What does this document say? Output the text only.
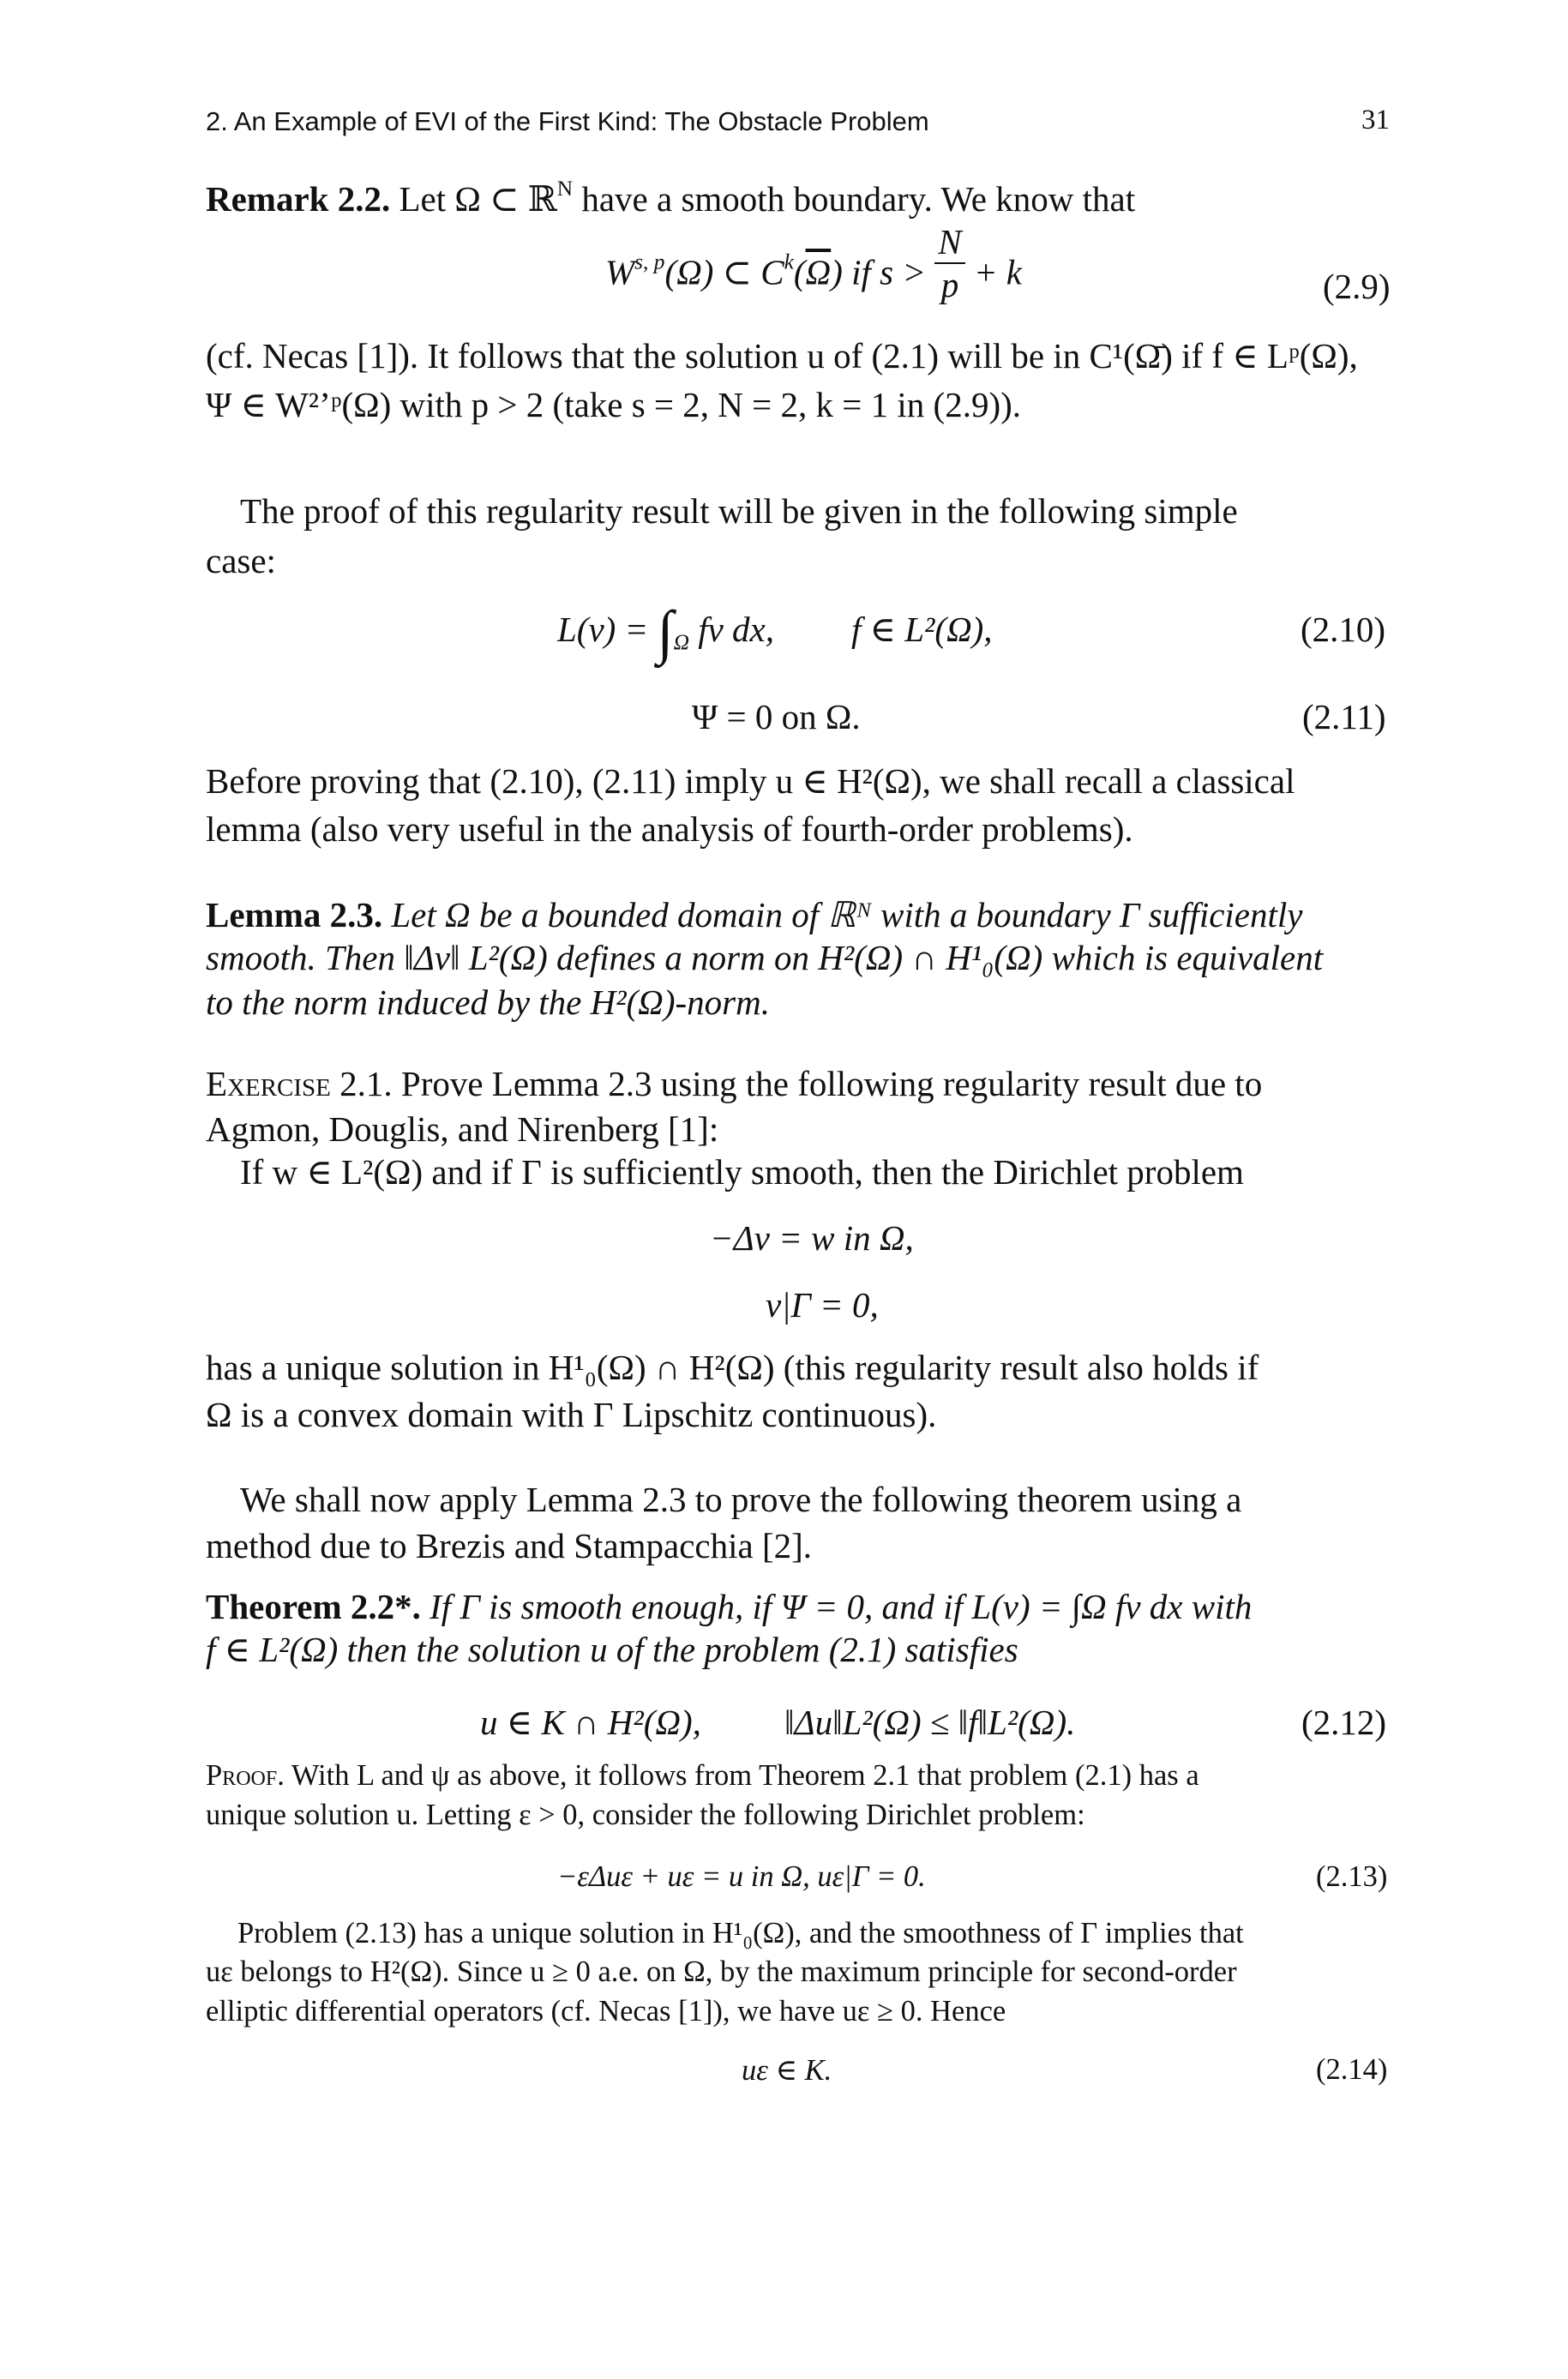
2. An Example of EVI of the First Kind: The Obstacle Problem	31
Remark 2.2. Let Ω ⊂ ℝ$^N$ have a smooth boundary. We know that
W$^{s, p}$(Ω) ⊂ $C^k(\overline{\Omega})$ if $s > \frac{N}{p} + k$	(2.9)
(cf. Necas [1]). It follows that the solution u of (2.1) will be in C¹(Ω̄) if f ∈ Lᵖ(Ω),
Ψ ∈ W²ʼᵖ(Ω) with p > 2 (take s = 2, N = 2, k = 1 in (2.9)).
The proof of this regularity result will be given in the following simple
case:
$L(v) = \int_\Omega$ fv dx, f ∈ L²(Ω),	(2.10)
Ψ = 0 on Ω.	(2.11)
Before proving that (2.10), (2.11) imply u ∈ H²(Ω), we shall recall a classical
lemma (also very useful in the analysis of fourth-order problems).
Lemma 2.3. Let Ω be a bounded domain of ℝᴺ with a boundary Γ sufficiently
smooth. Then ‖Δv‖ L²(Ω) defines a norm on H²(Ω) ∩ H¹₀(Ω) which is equivalent
to the norm induced by the H²(Ω)-norm.
Exercise 2.1. Prove Lemma 2.3 using the following regularity result due to
Agmon, Douglis, and Nirenberg [1]:
If w ∈ L²(Ω) and if Γ is sufficiently smooth, then the Dirichlet problem
−Δv = w in Ω,
v|Γ = 0,
has a unique solution in H¹₀(Ω) ∩ H²(Ω) (this regularity result also holds if
Ω is a convex domain with Γ Lipschitz continuous).
We shall now apply Lemma 2.3 to prove the following theorem using a
method due to Brezis and Stampacchia [2].
Theorem 2.2*. If Γ is smooth enough, if Ψ = 0, and if L(v) = ∫Ω fv dx with
f ∈ L²(Ω) then the solution u of the problem (2.1) satisfies
u ∈ K ∩ H²(Ω), ‖Δu‖L²(Ω) ≤ ‖f‖L²(Ω).	(2.12)
Proof. With L and ψ as above, it follows from Theorem 2.1 that problem (2.1) has a
unique solution u. Letting ε > 0, consider the following Dirichlet problem:
−εΔuε + uε = u in Ω, uε|Γ = 0.	(2.13)
Problem (2.13) has a unique solution in H¹₀(Ω), and the smoothness of Γ implies that
uε belongs to H²(Ω). Since u ≥ 0 a.e. on Ω, by the maximum principle for second-order
elliptic differential operators (cf. Necas [1]), we have uε ≥ 0. Hence
uε ∈ K.	(2.14)
